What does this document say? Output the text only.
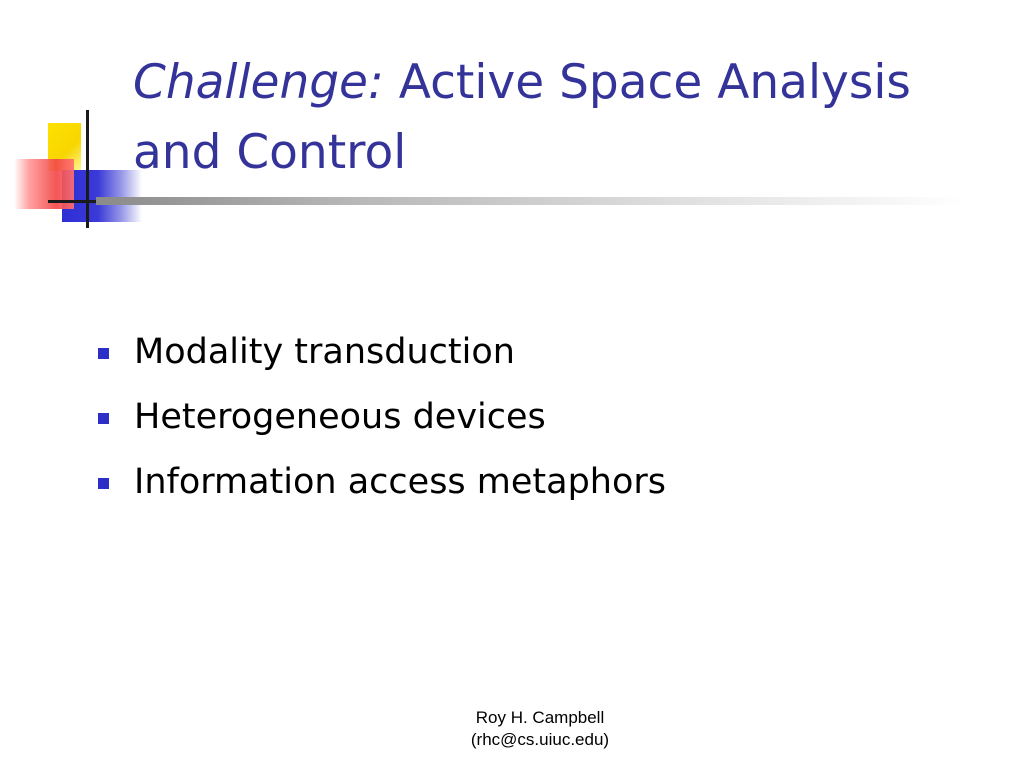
Challenge: Active Space Analysis and Control
Modality transduction
Heterogeneous devices
Information access metaphors
Roy H. Campbell
(rhc@cs.uiuc.edu)
